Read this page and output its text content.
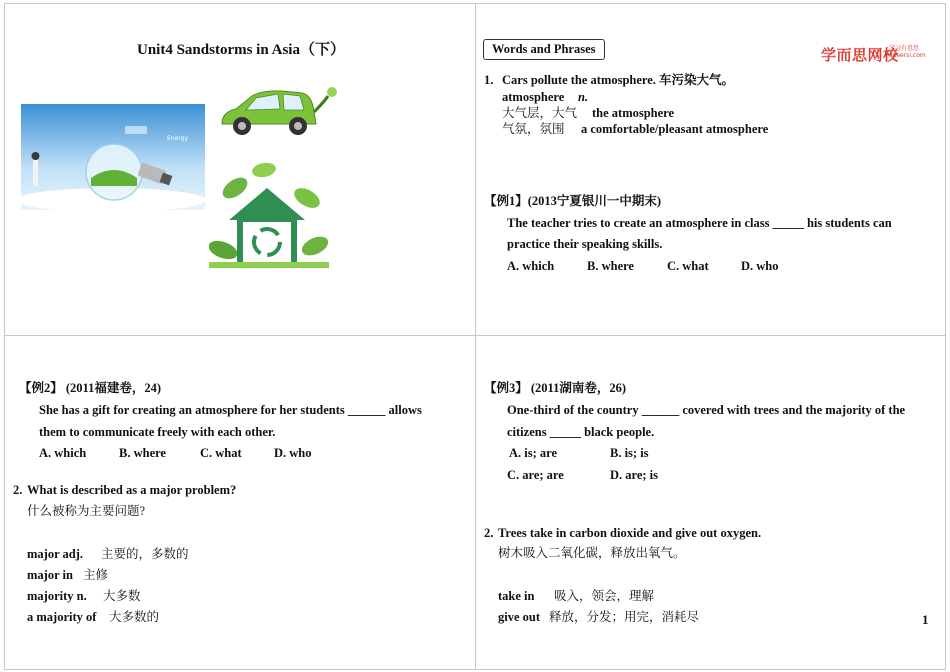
Unit4 Sandstorms in Asia（下）
Energy
Words and Phrases	学而思网校
学习有意思
xueersi.com
1. Cars pollute the atmosphere. 车污染大气。
atmosphere n.
大气层，大气 the atmosphere
气氛，氛围 a comfortable/pleasant atmosphere
【例1】(2013宁夏银川一中期末)
The teacher tries to create an atmosphere in class _____ his students can
practice their speaking skills.
A. which	B. where	C. what	D. who
【例2】 (2011福建卷，24)
She has a gift for creating an atmosphere for her students ______ allows
them to communicate freely with each other.
A. which	B. where	C. what	D. who
2. What is described as a major problem?
什么被称为主要问题?
major adj. 主要的，多数的
major in 主修
majority n. 大多数
a majority of 大多数的
【例3】 (2011湖南卷，26)
One-third of the country ______ covered with trees and the majority of the
citizens _____ black people.
A. is; are	B. is; is
C. are; are	D. are; is
2. Trees take in carbon dioxide and give out oxygen.
树木吸入二氧化碳，释放出氧气。
take in 吸入，领会，理解
give out 释放，分发；用完，消耗尽	1
